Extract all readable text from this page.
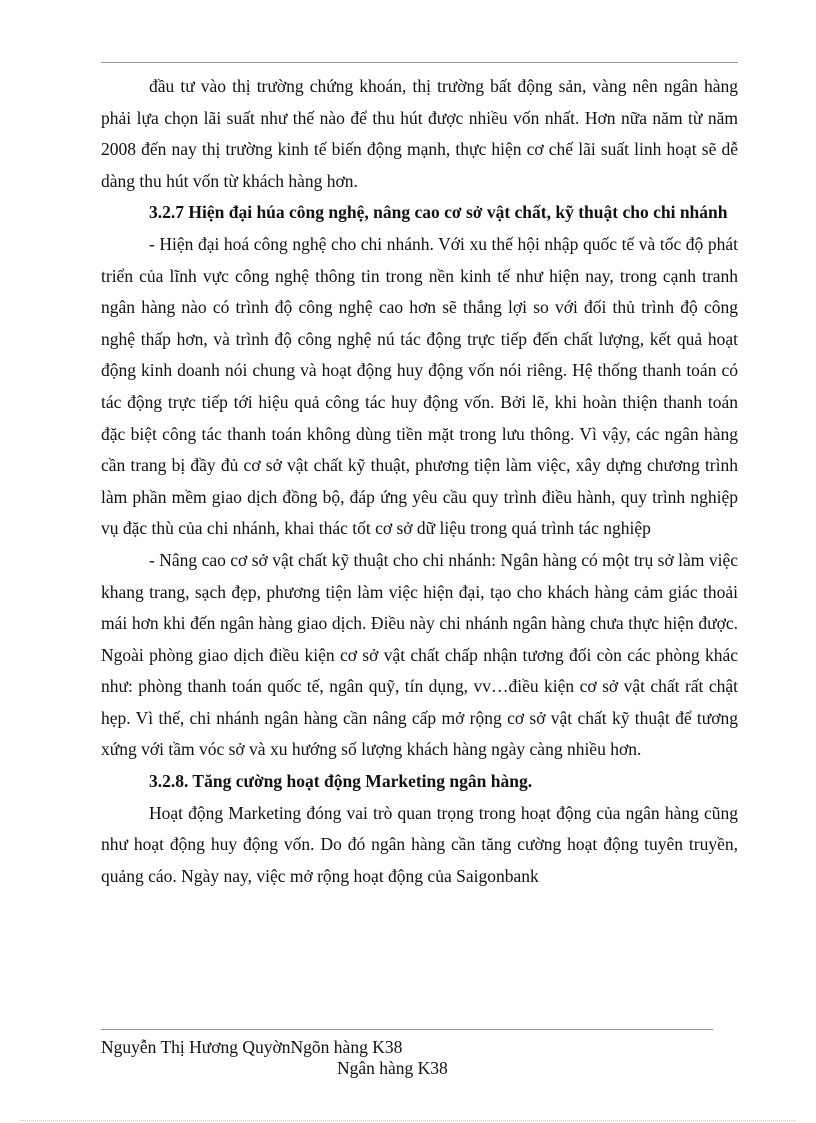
đầu tư vào thị trường chứng khoán, thị trường bất động sản, vàng nên ngân hàng phải lựa chọn lãi suất như thế nào để thu hút được nhiều vốn nhất. Hơn nữa năm từ năm 2008 đến nay thị trường kinh tế biến động mạnh, thực hiện cơ chế lãi suất linh hoạt sẽ dễ dàng thu hút vốn từ khách hàng hơn.

3.2.7 Hiện đại húa công nghệ, nâng cao cơ sở vật chất, kỹ thuật cho chi nhánh

- Hiện đại hoá công nghệ cho chi nhánh. Với xu thế hội nhập quốc tế và tốc độ phát triển của lĩnh vực công nghệ thông tin trong nền kinh tế như hiện nay, trong cạnh tranh ngân hàng nào có trình độ công nghệ cao hơn sẽ thắng lợi so với đối thủ trình độ công nghệ thấp hơn, và trình độ công nghệ nú tác động trực tiếp đến chất lượng, kết quả hoạt động kinh doanh nói chung và hoạt động huy động vốn nói riêng. Hệ thống thanh toán có tác động trực tiếp tới hiệu quả công tác huy động vốn. Bởi lẽ, khi hoàn thiện thanh toán đặc biệt công tác thanh toán không dùng tiền mặt trong lưu thông. Vì vậy, các ngân hàng cần trang bị đầy đủ cơ sở vật chất kỹ thuật, phương tiện làm việc, xây dựng chương trình làm phần mềm giao dịch đồng bộ, đáp ứng yêu cầu quy trình điều hành, quy trình nghiệp vụ đặc thù của chi nhánh, khai thác tốt cơ sở dữ liệu trong quá trình tác nghiệp

- Nâng cao cơ sở vật chất kỹ thuật cho chi nhánh: Ngân hàng có một trụ sở làm việc khang trang, sạch đẹp, phương tiện làm việc hiện đại, tạo cho khách hàng cảm giác thoải mái hơn khi đến ngân hàng giao dịch. Điều này chi nhánh ngân hàng chưa thực hiện được. Ngoài phòng giao dịch điều kiện cơ sở vật chất chấp nhận tương đối còn các phòng khác như: phòng thanh toán quốc tế, ngân quỹ, tín dụng, vv…điều kiện cơ sở vật chất rất chật hẹp. Vì thế, chi nhánh ngân hàng cần nâng cấp mở rộng cơ sở vật chất kỹ thuật để tương xứng với tầm vóc sở và xu hướng số lượng khách hàng ngày càng nhiều hơn.

3.2.8. Tăng cường hoạt động Marketing ngân hàng.

Hoạt động Marketing đóng vai trò quan trọng trong hoạt động của ngân hàng cũng như hoạt động huy động vốn. Do đó ngân hàng cần tăng cường hoạt động tuyên truyền, quảng cáo. Ngày nay, việc mở rộng hoạt động của Saigonbank

Nguyễn Thị Hương QuyờnNgõn hàng K38
Ngân hàng K38
